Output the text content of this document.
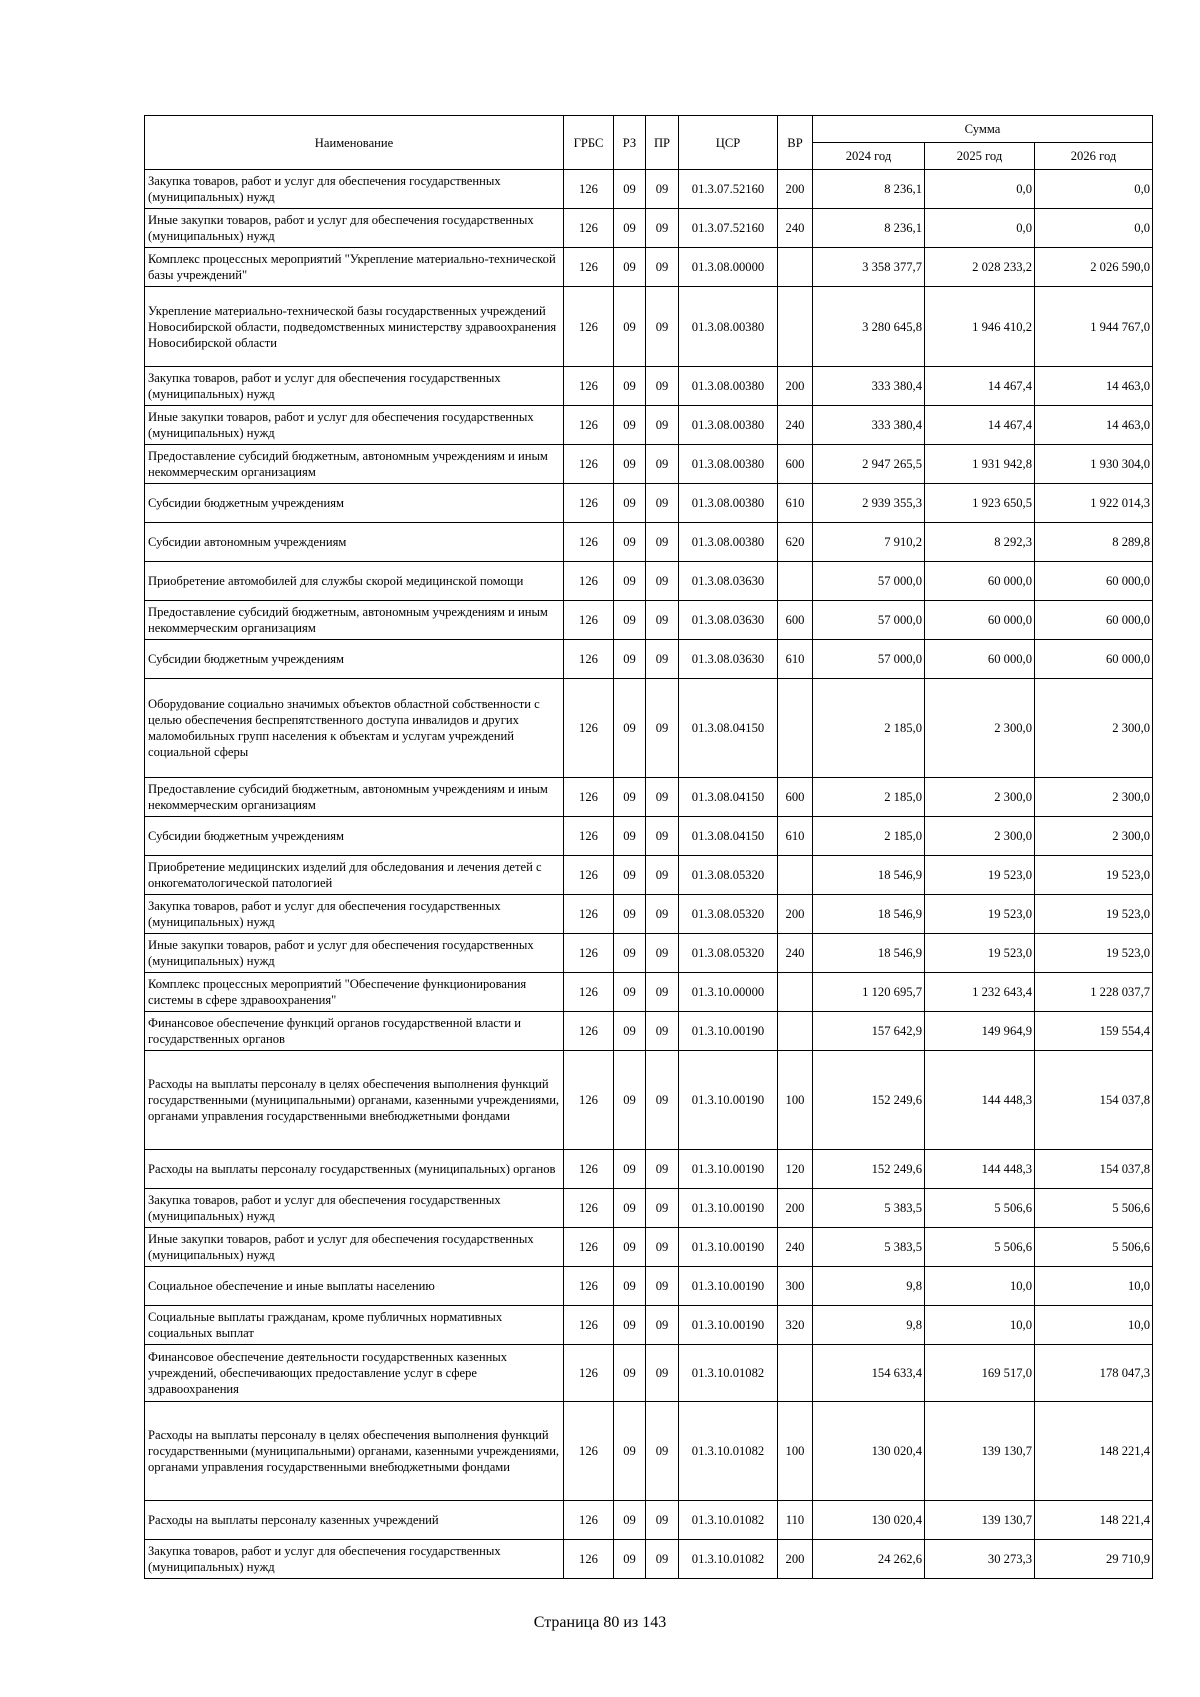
Наименование	ГРБС	РЗ	ПР	ЦСР	ВР	Сумма		
						2024 год	2025 год	2026 год
Закупка товаров, работ и услуг для обеспечения государственных (муниципальных) нужд	126	09	09	01.3.07.52160	200	8 236,1	0,0	0,0
Иные закупки товаров, работ и услуг для обеспечения государственных (муниципальных) нужд	126	09	09	01.3.07.52160	240	8 236,1	0,0	0,0
Комплекс процессных мероприятий "Укрепление материально-технической базы учреждений"	126	09	09	01.3.08.00000		3 358 377,7	2 028 233,2	2 026 590,0
Укрепление материально-технической базы государственных учреждений Новосибирской области, подведомственных министерству здравоохранения Новосибирской области	126	09	09	01.3.08.00380		3 280 645,8	1 946 410,2	1 944 767,0
Закупка товаров, работ и услуг для обеспечения государственных (муниципальных) нужд	126	09	09	01.3.08.00380	200	333 380,4	14 467,4	14 463,0
Иные закупки товаров, работ и услуг для обеспечения государственных (муниципальных) нужд	126	09	09	01.3.08.00380	240	333 380,4	14 467,4	14 463,0
Предоставление субсидий бюджетным, автономным учреждениям и иным некоммерческим организациям	126	09	09	01.3.08.00380	600	2 947 265,5	1 931 942,8	1 930 304,0
Субсидии бюджетным учреждениям	126	09	09	01.3.08.00380	610	2 939 355,3	1 923 650,5	1 922 014,3
Субсидии автономным учреждениям	126	09	09	01.3.08.00380	620	7 910,2	8 292,3	8 289,8
Приобретение автомобилей для службы скорой медицинской помощи	126	09	09	01.3.08.03630		57 000,0	60 000,0	60 000,0
Предоставление субсидий бюджетным, автономным учреждениям и иным некоммерческим организациям	126	09	09	01.3.08.03630	600	57 000,0	60 000,0	60 000,0
Субсидии бюджетным учреждениям	126	09	09	01.3.08.03630	610	57 000,0	60 000,0	60 000,0
Оборудование социально значимых объектов областной собственности с целью обеспечения беспрепятственного доступа инвалидов и других маломобильных групп населения к объектам и услугам учреждений социальной сферы	126	09	09	01.3.08.04150		2 185,0	2 300,0	2 300,0
Предоставление субсидий бюджетным, автономным учреждениям и иным некоммерческим организациям	126	09	09	01.3.08.04150	600	2 185,0	2 300,0	2 300,0
Субсидии бюджетным учреждениям	126	09	09	01.3.08.04150	610	2 185,0	2 300,0	2 300,0
Приобретение медицинских изделий для обследования и лечения детей с онкогематологической патологией	126	09	09	01.3.08.05320		18 546,9	19 523,0	19 523,0
Закупка товаров, работ и услуг для обеспечения государственных (муниципальных) нужд	126	09	09	01.3.08.05320	200	18 546,9	19 523,0	19 523,0
Иные закупки товаров, работ и услуг для обеспечения государственных (муниципальных) нужд	126	09	09	01.3.08.05320	240	18 546,9	19 523,0	19 523,0
Комплекс процессных мероприятий "Обеспечение функционирования системы в сфере здравоохранения"	126	09	09	01.3.10.00000		1 120 695,7	1 232 643,4	1 228 037,7
Финансовое обеспечение функций органов государственной власти и государственных органов	126	09	09	01.3.10.00190		157 642,9	149 964,9	159 554,4
Расходы на выплаты персоналу в целях обеспечения выполнения функций государственными (муниципальными) органами, казенными учреждениями, органами управления государственными внебюджетными фондами	126	09	09	01.3.10.00190	100	152 249,6	144 448,3	154 037,8
Расходы на выплаты персоналу государственных (муниципальных) органов	126	09	09	01.3.10.00190	120	152 249,6	144 448,3	154 037,8
Закупка товаров, работ и услуг для обеспечения государственных (муниципальных) нужд	126	09	09	01.3.10.00190	200	5 383,5	5 506,6	5 506,6
Иные закупки товаров, работ и услуг для обеспечения государственных (муниципальных) нужд	126	09	09	01.3.10.00190	240	5 383,5	5 506,6	5 506,6
Социальное обеспечение и иные выплаты населению	126	09	09	01.3.10.00190	300	9,8	10,0	10,0
Социальные выплаты гражданам, кроме публичных нормативных социальных выплат	126	09	09	01.3.10.00190	320	9,8	10,0	10,0
Финансовое обеспечение деятельности государственных казенных учреждений, обеспечивающих предоставление услуг в сфере здравоохранения	126	09	09	01.3.10.01082		154 633,4	169 517,0	178 047,3
Расходы на выплаты персоналу в целях обеспечения выполнения функций государственными (муниципальными) органами, казенными учреждениями, органами управления государственными внебюджетными фондами	126	09	09	01.3.10.01082	100	130 020,4	139 130,7	148 221,4
Расходы на выплаты персоналу казенных учреждений	126	09	09	01.3.10.01082	110	130 020,4	139 130,7	148 221,4
Закупка товаров, работ и услуг для обеспечения государственных (муниципальных) нужд	126	09	09	01.3.10.01082	200	24 262,6	30 273,3	29 710,9
Страница 80 из 143
